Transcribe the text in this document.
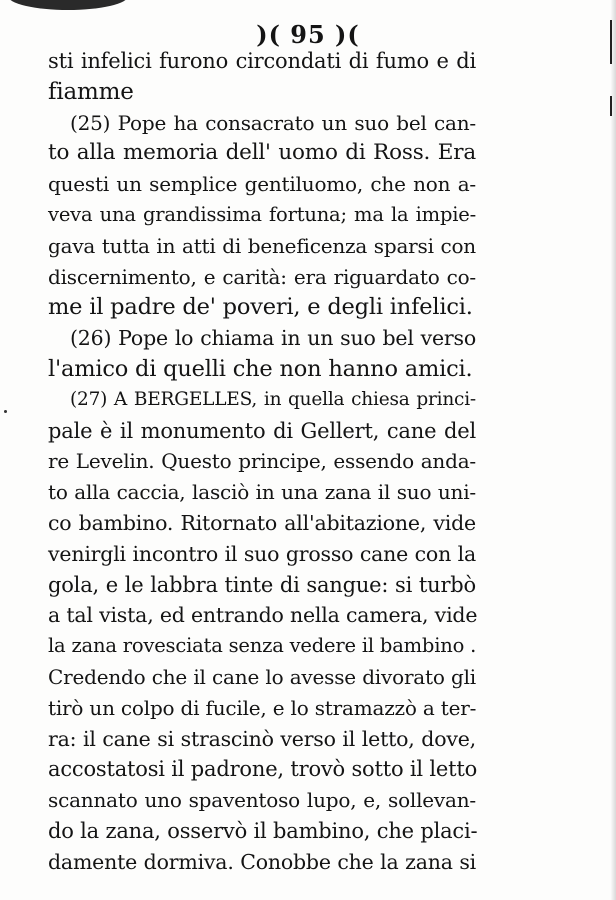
)( 95 )(
sti infelici furono circondati di fumo e di
fiamme
(25) Pope ha consacrato un suo bel can-
to alla memoria dell' uomo di Ross. Era
questi un semplice gentiluomo, che non a-
veva una grandissima fortuna; ma la impie-
gava tutta in atti di beneficenza sparsi con
discernimento, e carità: era riguardato co-
me il padre de' poveri, e degli infelici.
(26) Pope lo chiama in un suo bel verso
l'amico di quelli che non hanno amici.
(27) A BERGELLES, in quella chiesa princi-
pale è il monumento di Gellert, cane del
re Levelin. Questo principe, essendo anda-
to alla caccia, lasciò in una zana il suo uni-
co bambino. Ritornato all'abitazione, vide
venirgli incontro il suo grosso cane con la
gola, e le labbra tinte di sangue: si turbò
a tal vista, ed entrando nella camera, vide
la zana rovesciata senza vedere il bambino .
Credendo che il cane lo avesse divorato gli
tirò un colpo di fucile, e lo stramazzò a ter-
ra: il cane si strascinò verso il letto, dove,
accostatosi il padrone, trovò sotto il letto
scannato uno spaventoso lupo, e, sollevan-
do la zana, osservò il bambino, che placi-
damente dormiva. Conobbe che la zana si
